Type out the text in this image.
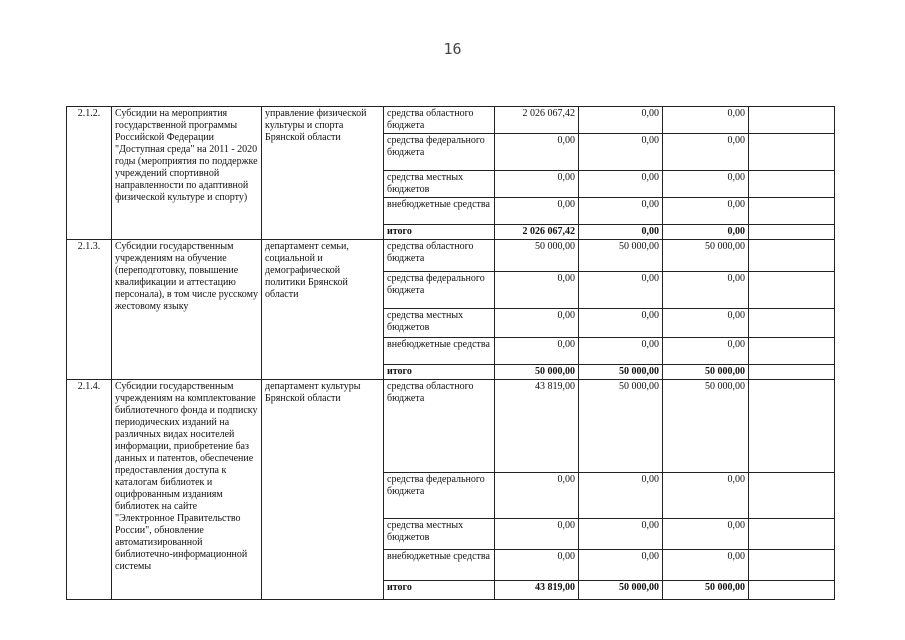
16
2.1.2.	Субсидии на мероприятия государственной программы Российской Федерации "Доступная среда" на 2011 - 2020 годы (мероприятия по поддержке учреждений спортивной направленности по адаптивной физической культуре и спорту)	управление физической культуры и спорта Брянской области	средства областного бюджета	2 026 067,42	0,00	0,00	
			средства федерального бюджета	0,00	0,00	0,00	
			средства местных бюджетов	0,00	0,00	0,00	
			внебюджетные средства	0,00	0,00	0,00	
			итого	2 026 067,42	0,00	0,00	
2.1.3.	Субсидии государственным учреждениям на обучение (переподготовку, повышение квалификации и аттестацию персонала), в том числе русскому жестовому языку	департамент семьи, социальной и демографической политики Брянской области	средства областного бюджета	50 000,00	50 000,00	50 000,00	
			средства федерального бюджета	0,00	0,00	0,00	
			средства местных бюджетов	0,00	0,00	0,00	
			внебюджетные средства	0,00	0,00	0,00	
			итого	50 000,00	50 000,00	50 000,00	
2.1.4.	Субсидии государственным учреждениям на комплектование библиотечного фонда и подписку периодических изданий на различных видах носителей информации, приобретение баз данных и патентов, обеспечение предоставления доступа к каталогам библиотек и оцифрованным изданиям библиотек на сайте "Электронное Правительство России", обновление автоматизированной библиотечно-информационной системы	департамент культуры Брянской области	средства областного бюджета	43 819,00	50 000,00	50 000,00	
			средства федерального бюджета	0,00	0,00	0,00	
			средства местных бюджетов	0,00	0,00	0,00	
			внебюджетные средства	0,00	0,00	0,00	
			итого	43 819,00	50 000,00	50 000,00	
